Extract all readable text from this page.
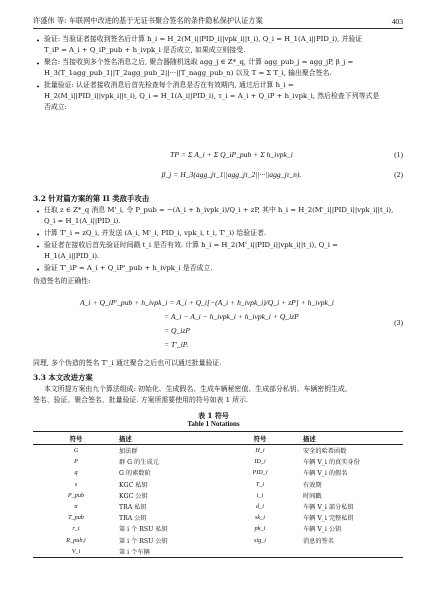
许盛伟 等: 车联网中改进的基于无证书聚合签名的条件隐私保护认证方案	403
• 验证: 当验证者接收到签名后计算 h_i = H_2(M_i||PID_i||vpk_i||t_i), Q_i = H_1(A_i||PID_i), 并验证
T_iP = A_i + Q_iP_pub + h_ivpk_i 是否成立, 如果成立则接受.
• 聚合: 当接收到多个签名消息之后, 聚合器随机选取 agg_j ∈ Z*_q, 计算 agg_pub_j = agg_jP, β_j =
H_3(T_1agg_pub_1||T_2agg_pub_2||···||T_nagg_pub_n) 以及 T = Σ T_i, 输出聚合签名.
• 批量验证: 认证者接收消息后首先检查每个消息是否在有效期内, 通过后计算 h_i =
H_2(M_i||PID_i||vpk_i||t_i), Q_i = H_1(A_i||PID_i), τ_i = A_i + Q_iP + h_ivpk_i, 然后检查下列等式是
否成立:
TP = Σ A_i + Σ Q_iP_pub + Σ h_ivpk_i	(1)
β_j = H_3(agg_jτ_1||agg_jτ_2||···||agg_jτ_n).	(2)
3.2 针对篇方案的第 II 类敌手攻击
• 任取 z ∈ Z*_q 消息 M'_i, 令 P_pub = −(A_i + h_ivpk_i)/Q_i + zP, 其中 h_i = H_2(M'_i||PID_i||vpk_i||t_i),
Q_i = H_1(A_i||PID_i).
• 计算 T'_i = zQ_i, 并发送 (A_i, M'_i, PID_i, vpk_i, t_i, T'_i) 给验证者.
• 验证者在接收后首先验证时间戳 t_i 是否有效. 计算 h_i = H_2(M'_i||PID_i||vpk_i||t_i), Q_i =
H_1(A_i||PID_i).
• 验证 T'_iP = A_i + Q_iP'_pub + h_ivpk_i 是否成立.
伪造签名的正确性:
A_i + Q_iP'_pub + h_ivpk_i = A_i + Q_i[−(A_i + h_ivpk_i)/Q_i + zP] + h_ivpk_i
= A_i − A_i − h_ivpk_i + h_ivpk_i + Q_izP
= Q_izP
= T'_iP.
(3)
同理, 多个伪造的签名 T'_i 通过聚合之后也可以通过批量验证.
3.3 本文改进方案
本文所提方案由九个算法组成: 初始化、生成假名、生成车辆秘密值、生成部分私钥、车辆密钥生成、
签名、验证、聚合签名、批量验证. 方案所需要使用的符号如表 1 所示.
表 1 符号
Table 1 Notations
符号	描述	符号	描述
G	加法群	H_i	安全的哈希函数
P	群 G 的生成元	ID_i	车辆 V_i 的真实身份
q	G 的素数阶	PID_i	车辆 V_i 的假名
s	KGC 私钥	T_i	有效期
P_pub	KGC 公钥	t_i	时间戳
α	TRA 私钥	d_i	车辆 V_i 部分私钥
T_pub	TRA 公钥	sk_i	车辆 V_i 完整私钥
r_i	第 i 个 RSU 私钥	pk_i	车辆 V_i 公钥
R_pub,i	第 i 个 RSU 公钥	sig_i	消息的签名
V_i	第 i 个车辆		
